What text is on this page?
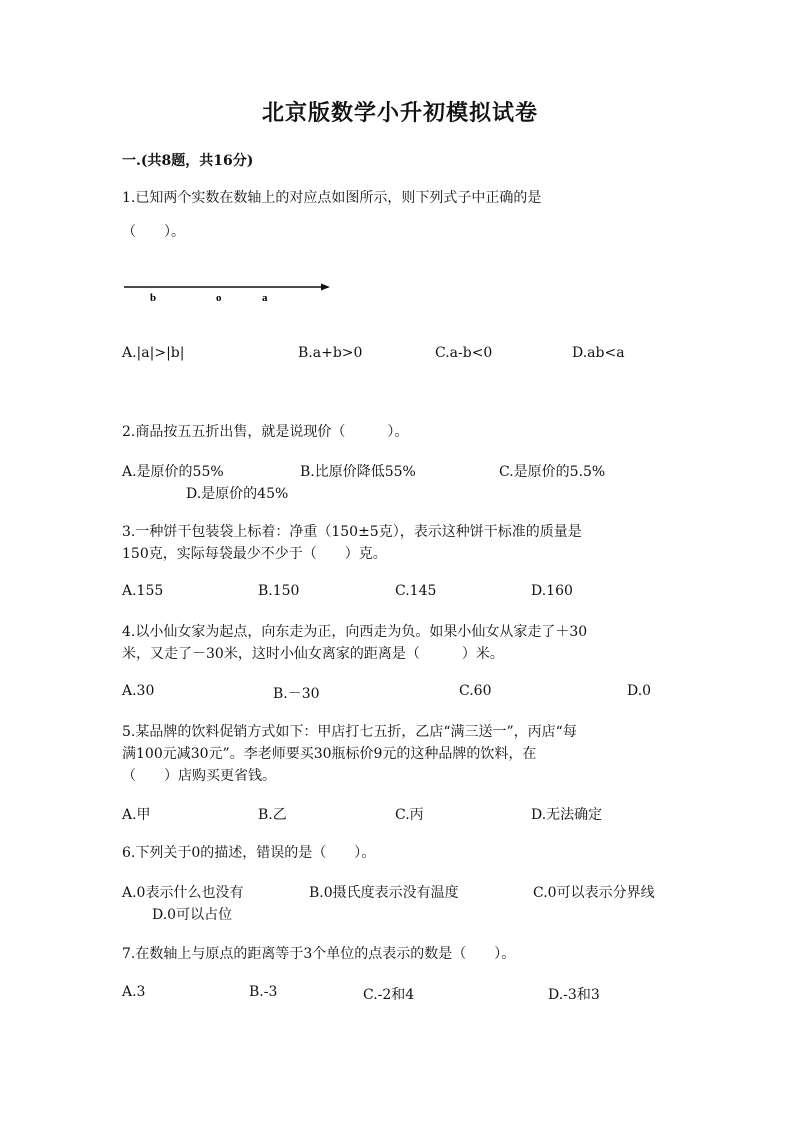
北京版数学小升初模拟试卷
一.(共8题，共16分)
1.已知两个实数在数轴上的对应点如图所示，则下列式子中正确的是
（　　）。
b	o	a
A.|a|>|b|	B.a+b>0	C.a-b<0	D.ab<a
2.商品按五五折出售，就是说现价（　　　）。
A.是原价的55%	B.比原价降低55%	C.是原价的5.5%
D.是原价的45%
3.一种饼干包装袋上标着：净重（150±5克），表示这种饼干标准的质量是
150克，实际每袋最少不少于（　　）克。
A.155	B.150	C.145	D.160
4.以小仙女家为起点，向东走为正，向西走为负。如果小仙女从家走了＋30
米，又走了－30米，这时小仙女离家的距离是（　　　）米。
A.30	B.－30	C.60	D.0
5.某品牌的饮料促销方式如下：甲店打七五折，乙店“满三送一”，丙店“每
满100元减30元”。李老师要买30瓶标价9元的这种品牌的饮料，在
（　　）店购买更省钱。
A.甲	B.乙	C.丙	D.无法确定
6.下列关于0的描述，错误的是（　　）。
A.0表示什么也没有	B.0摄氏度表示没有温度	C.0可以表示分界线
D.0可以占位
7.在数轴上与原点的距离等于3个单位的点表示的数是（　　）。
A.3	B.-3	C.-2和4	D.-3和3
